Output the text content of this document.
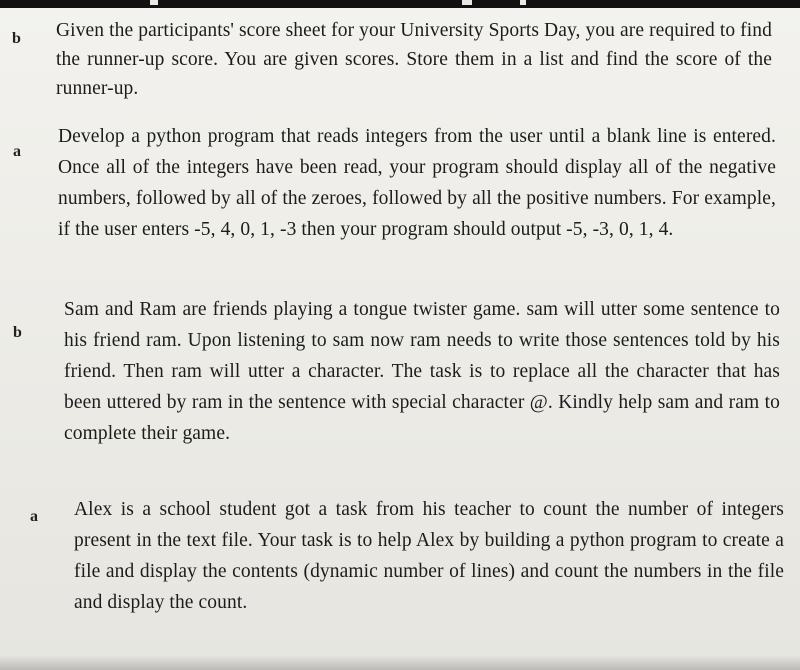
b Given the participants' score sheet for your University Sports Day, you are required to find the runner-up score. You are given scores. Store them in a list and find the score of the runner-up.
a
Develop a python program that reads integers from the user until a blank line is entered. Once all of the integers have been read, your program should display all of the negative numbers, followed by all of the zeroes, followed by all the positive numbers. For example, if the user enters -5, 4, 0, 1, -3 then your program should output -5, -3, 0, 1, 4.
b
Sam and Ram are friends playing a tongue twister game. sam will utter some sentence to his friend ram. Upon listening to sam now ram needs to write those sentences told by his friend. Then ram will utter a character. The task is to replace all the character that has been uttered by ram in the sentence with special character @. Kindly help sam and ram to complete their game.
a Alex is a school student got a task from his teacher to count the number of integers present in the text file. Your task is to help Alex by building a python program to create a file and display the contents (dynamic number of lines) and count the numbers in the file and display the count.
